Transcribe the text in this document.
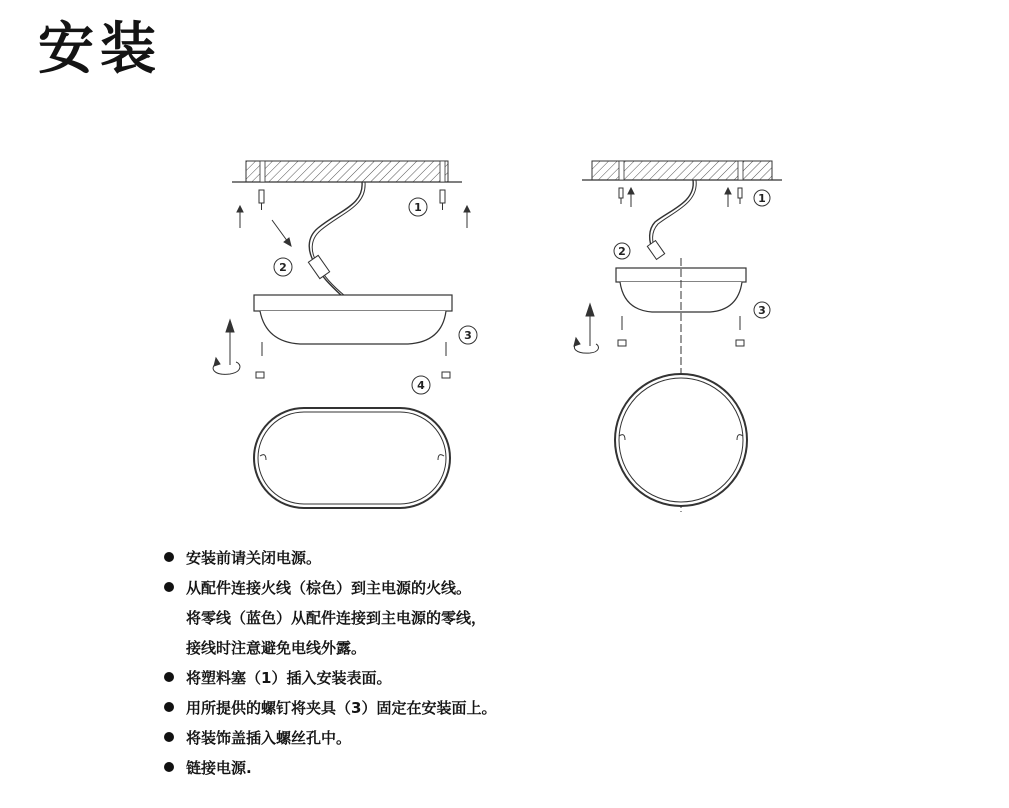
安装
1
2
3
4
1
2
3
安装前请关闭电源。
从配件连接火线（棕色）到主电源的火线。
将零线（蓝色）从配件连接到主电源的零线，
接线时注意避免电线外露。
将塑料塞（1）插入安装表面。
用所提供的螺钉将夹具（3）固定在安装面上。
将装饰盖插入螺丝孔中。
链接电源.
